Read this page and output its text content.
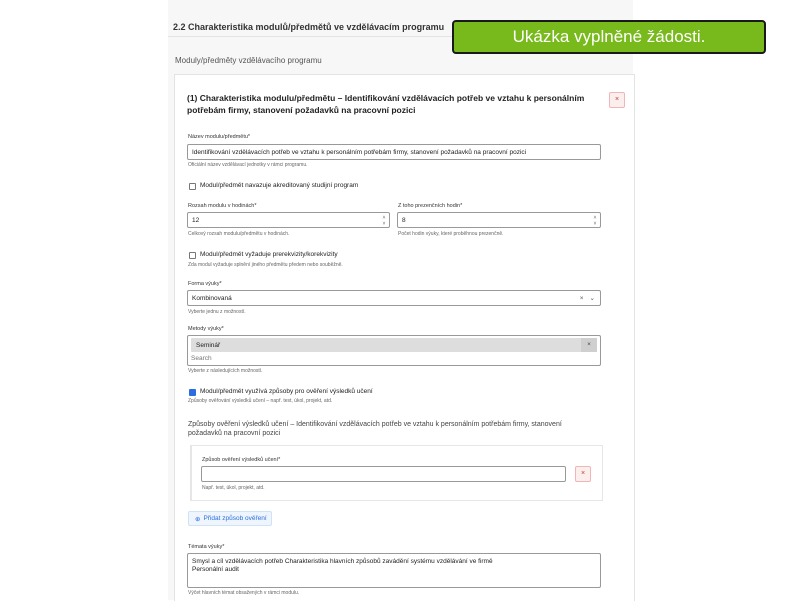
2.2 Charakteristika modulů/předmětů ve vzdělávacím programu	Ukázka vyplněné žádosti.
Moduly/předměty vzdělávacího programu
(1) Charakteristika modulu/předmětu – Identifikování vzdělávacích potřeb ve vztahu k personálním potřebám firmy, stanovení požadavků na pracovní pozici
×
Název modulu/předmětu*
Identifikování vzdělávacích potřeb ve vztahu k personálním potřebám firmy, stanovení požadavků na pracovní pozici
Oficiální název vzdělávací jednotky v rámci programu.
Modul/předmět navazuje akreditovaný studijní program
Rozsah modulu v hodinách*
12	˄
˅
Celkový rozsah modulu/předmětu v hodinách.
Z toho prezenčních hodin*
8	˄
˅
Počet hodin výuky, které proběhnou prezenčně.
Modul/předmět vyžaduje prerekvizity/korekvizity
Zda modul vyžaduje splnění jiného předmětu předem nebo souběžně.
Forma výuky*
Kombinovaná	× ⌄
Vyberte jednu z možností.
Metody výuky*
Seminář	×
Search
Vyberte z následujících možností.
Modul/předmět využívá způsoby pro ověření výsledků učení
Způsoby ověřování výsledků učení – např. test, úkol, projekt, atd.
Způsoby ověření výsledků učení – Identifikování vzdělávacích potřeb ve vztahu k personálním potřebám firmy, stanovení požadavků na pracovní pozici
Způsob ověření výsledků učení*
×
Např. test, úkol, projekt, atd.
⊕ Přidat způsob ověření
Témata výuky*
Smysl a cíl vzdělávacích potřeb Charakteristika hlavních způsobů zavádění systému vzdělávání ve firmě
Personální audit
Výčet hlavních témat obsažených v rámci modulu.
